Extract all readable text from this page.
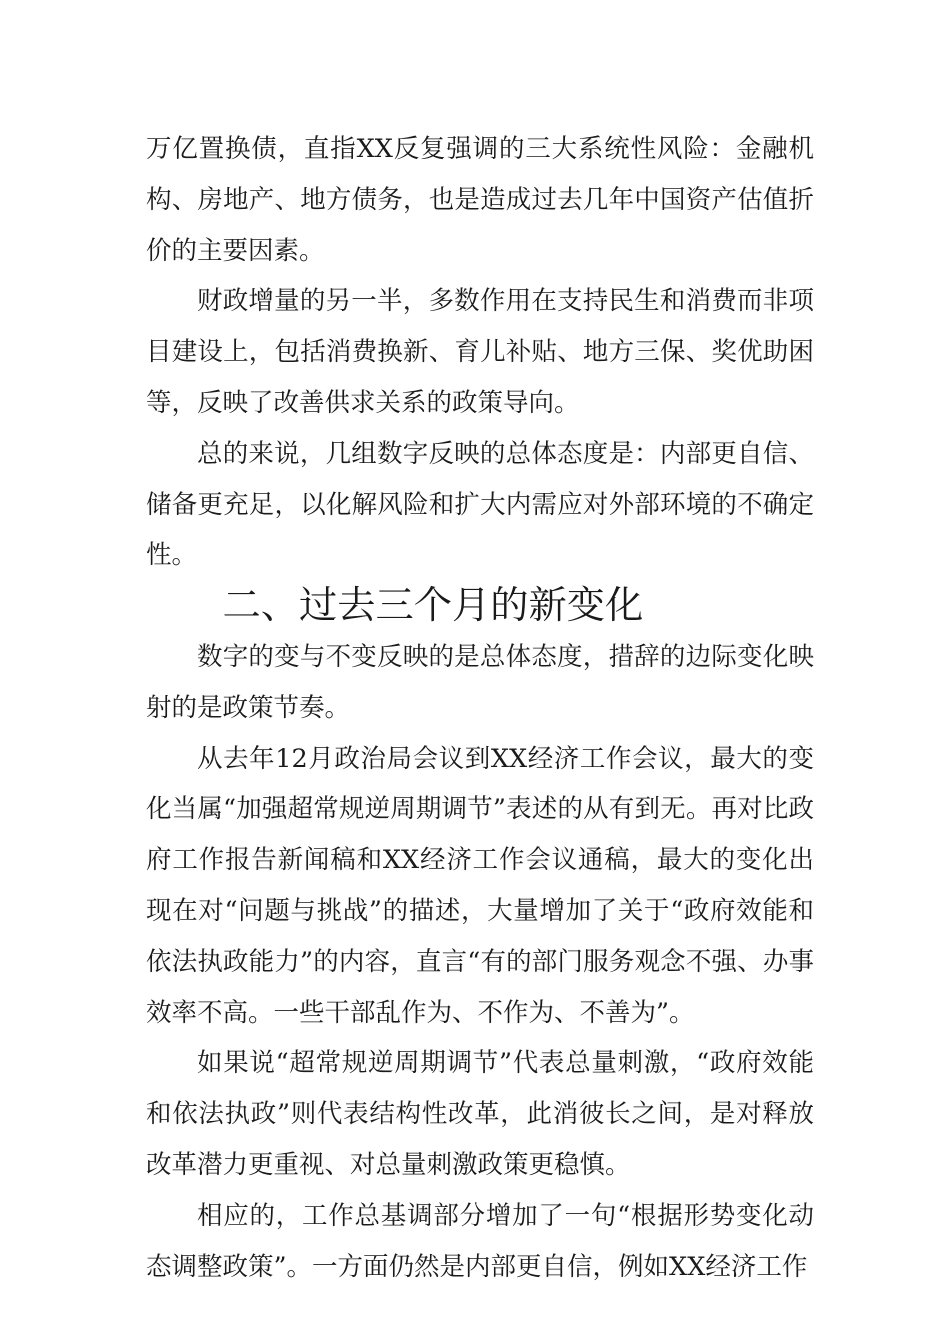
万亿置换债，直指XX反复强调的三大系统性风险：金融机构、房地产、地方债务，也是造成过去几年中国资产估值折价的主要因素。

财政增量的另一半，多数作用在支持民生和消费而非项目建设上，包括消费换新、育儿补贴、地方三保、奖优助困等，反映了改善供求关系的政策导向。

总的来说，几组数字反映的总体态度是：内部更自信、储备更充足，以化解风险和扩大内需应对外部环境的不确定性。

二、过去三个月的新变化

数字的变与不变反映的是总体态度，措辞的边际变化映射的是政策节奏。

从去年12月政治局会议到XX经济工作会议，最大的变化当属“加强超常规逆周期调节”表述的从有到无。再对比政府工作报告新闻稿和XX经济工作会议通稿，最大的变化出现在对“问题与挑战”的描述，大量增加了关于“政府效能和依法执政能力”的内容，直言“有的部门服务观念不强、办事效率不高。一些干部乱作为、不作为、不善为”。

如果说“超常规逆周期调节”代表总量刺激，“政府效能和依法执政”则代表结构性改革，此消彼长之间，是对释放改革潜力更重视、对总量刺激政策更稳慎。

相应的，工作总基调部分增加了一句“根据形势变化动态调整政策”。一方面仍然是内部更自信，例如XX经济工作
